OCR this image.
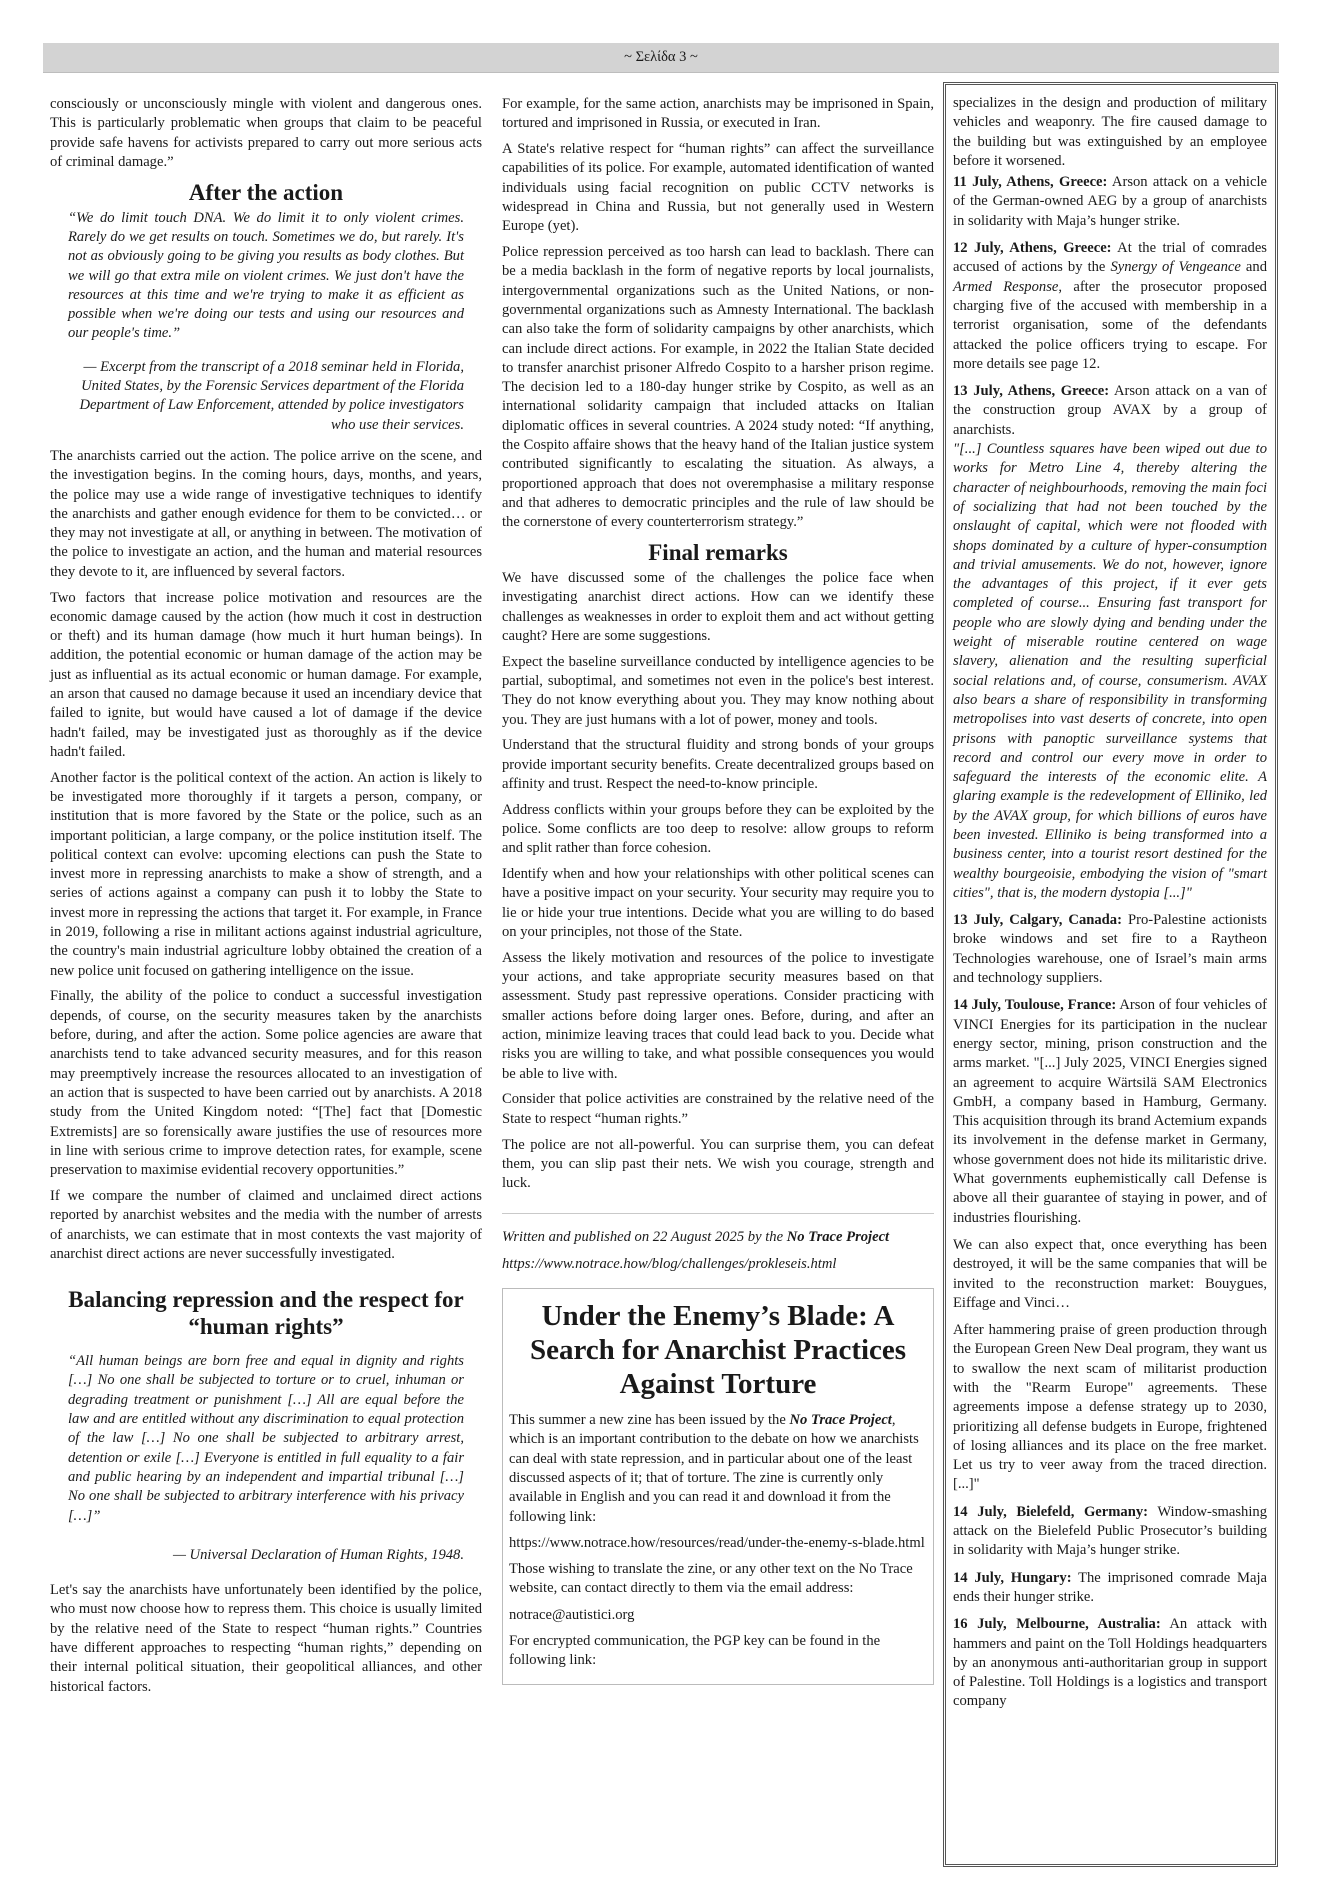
~ Σελίδα 3 ~

consciously or unconsciously mingle with violent and dangerous ones. This is particularly problematic when groups that claim to be peaceful provide safe havens for activists prepared to carry out more serious acts of criminal damage.”

After the action

“We do limit touch DNA. We do limit it to only violent crimes. Rarely do we get results on touch. Sometimes we do, but rarely. It's not as obviously going to be giving you results as body clothes. But we will go that extra mile on violent crimes. We just don't have the resources at this time and we're trying to make it as efficient as possible when we're doing our tests and using our resources and our people's time.”

— Excerpt from the transcript of a 2018 seminar held in Florida, United States, by the Forensic Services department of the Florida Department of Law Enforcement, attended by police investigators who use their services.

The anarchists carried out the action. The police arrive on the scene, and the investigation begins. In the coming hours, days, months, and years, the police may use a wide range of investigative techniques to identify the anarchists and gather enough evidence for them to be convicted… or they may not investigate at all, or anything in between. The motivation of the police to investigate an action, and the human and material resources they devote to it, are influenced by several factors.

Two factors that increase police motivation and resources are the economic damage caused by the action (how much it cost in destruction or theft) and its human damage (how much it hurt human beings). In addition, the potential economic or human damage of the action may be just as influential as its actual economic or human damage. For example, an arson that caused no damage because it used an incendiary device that failed to ignite, but would have caused a lot of damage if the device hadn't failed, may be investigated just as thoroughly as if the device hadn't failed.

Another factor is the political context of the action. An action is likely to be investigated more thoroughly if it targets a person, company, or institution that is more favored by the State or the police, such as an important politician, a large company, or the police institution itself. The political context can evolve: upcoming elections can push the State to invest more in repressing anarchists to make a show of strength, and a series of actions against a company can push it to lobby the State to invest more in repressing the actions that target it. For example, in France in 2019, following a rise in militant actions against industrial agriculture, the country's main industrial agriculture lobby obtained the creation of a new police unit focused on gathering intelligence on the issue.

Finally, the ability of the police to conduct a successful investigation depends, of course, on the security measures taken by the anarchists before, during, and after the action. Some police agencies are aware that anarchists tend to take advanced security measures, and for this reason may preemptively increase the resources allocated to an investigation of an action that is suspected to have been carried out by anarchists. A 2018 study from the United Kingdom noted: “[The] fact that [Domestic Extremists] are so forensically aware justifies the use of resources more in line with serious crime to improve detection rates, for example, scene preservation to maximise evidential recovery opportunities.”

If we compare the number of claimed and unclaimed direct actions reported by anarchist websites and the media with the number of arrests of anarchists, we can estimate that in most contexts the vast majority of anarchist direct actions are never successfully investigated.

Balancing repression and the respect for “human rights”

“All human beings are born free and equal in dignity and rights […] No one shall be subjected to torture or to cruel, inhuman or degrading treatment or punishment […] All are equal before the law and are entitled without any discrimination to equal protection of the law […] No one shall be subjected to arbitrary arrest, detention or exile […] Everyone is entitled in full equality to a fair and public hearing by an independent and impartial tribunal […] No one shall be subjected to arbitrary interference with his privacy […]”

— Universal Declaration of Human Rights, 1948.

Let's say the anarchists have unfortunately been identified by the police, who must now choose how to repress them. This choice is usually limited by the relative need of the State to respect “human rights.” Countries have different approaches to respecting “human rights,” depending on their internal political situation, their geopolitical alliances, and other historical factors.

For example, for the same action, anarchists may be imprisoned in Spain, tortured and imprisoned in Russia, or executed in Iran.

A State's relative respect for “human rights” can affect the surveillance capabilities of its police. For example, automated identification of wanted individuals using facial recognition on public CCTV networks is widespread in China and Russia, but not generally used in Western Europe (yet).

Police repression perceived as too harsh can lead to backlash. There can be a media backlash in the form of negative reports by local journalists, intergovernmental organizations such as the United Nations, or non-governmental organizations such as Amnesty International. The backlash can also take the form of solidarity campaigns by other anarchists, which can include direct actions. For example, in 2022 the Italian State decided to transfer anarchist prisoner Alfredo Cospito to a harsher prison regime. The decision led to a 180-day hunger strike by Cospito, as well as an international solidarity campaign that included attacks on Italian diplomatic offices in several countries. A 2024 study noted: “If anything, the Cospito affaire shows that the heavy hand of the Italian justice system contributed significantly to escalating the situation. As always, a proportioned approach that does not overemphasise a military response and that adheres to democratic principles and the rule of law should be the cornerstone of every counterterrorism strategy.”

Final remarks

We have discussed some of the challenges the police face when investigating anarchist direct actions. How can we identify these challenges as weaknesses in order to exploit them and act without getting caught? Here are some suggestions.

Expect the baseline surveillance conducted by intelligence agencies to be partial, suboptimal, and sometimes not even in the police's best interest. They do not know everything about you. They may know nothing about you. They are just humans with a lot of power, money and tools.

Understand that the structural fluidity and strong bonds of your groups provide important security benefits. Create decentralized groups based on affinity and trust. Respect the need-to-know principle.

Address conflicts within your groups before they can be exploited by the police. Some conflicts are too deep to resolve: allow groups to reform and split rather than force cohesion.

Identify when and how your relationships with other political scenes can have a positive impact on your security. Your security may require you to lie or hide your true intentions. Decide what you are willing to do based on your principles, not those of the State.

Assess the likely motivation and resources of the police to investigate your actions, and take appropriate security measures based on that assessment. Study past repressive operations. Consider practicing with smaller actions before doing larger ones. Before, during, and after an action, minimize leaving traces that could lead back to you. Decide what risks you are willing to take, and what possible consequences you would be able to live with.

Consider that police activities are constrained by the relative need of the State to respect “human rights.”

The police are not all-powerful. You can surprise them, you can defeat them, you can slip past their nets. We wish you courage, strength and luck.

Written and published on 22 August 2025 by the No Trace Project

https://www.notrace.how/blog/challenges/prokleseis.html

Under the Enemy’s Blade: A Search for Anarchist Practices Against Torture

This summer a new zine has been issued by the No Trace Project, which is an important contribution to the debate on how we anarchists can deal with state repression, and in particular about one of the least discussed aspects of it; that of torture. The zine is currently only available in English and you can read it and download it from the following link:

https://www.notrace.how/resources/read/under-the-enemy-s-blade.html

Those wishing to translate the zine, or any other text on the No Trace website, can contact directly to them via the email address:

notrace@autistici.org

For encrypted communication, the PGP key can be found in the following link:

specializes in the design and production of military vehicles and weaponry. The fire caused damage to the building but was extinguished by an employee before it worsened.

11 July, Athens, Greece: Arson attack on a vehicle of the German-owned AEG by a group of anarchists in solidarity with Maja’s hunger strike.

12 July, Athens, Greece: At the trial of comrades accused of actions by the Synergy of Vengeance and Armed Response, after the prosecutor proposed charging five of the accused with membership in a terrorist organisation, some of the defendants attacked the police officers trying to escape. For more details see page 12.

13 July, Athens, Greece: Arson attack on a van of the construction group AVAX by a group of anarchists.

"[...] Countless squares have been wiped out due to works for Metro Line 4, thereby altering the character of neighbourhoods, removing the main foci of socializing that had not been touched by the onslaught of capital, which were not flooded with shops dominated by a culture of hyper-consumption and trivial amusements. We do not, however, ignore the advantages of this project, if it ever gets completed of course... Ensuring fast transport for people who are slowly dying and bending under the weight of miserable routine centered on wage slavery, alienation and the resulting superficial social relations and, of course, consumerism. AVAX also bears a share of responsibility in transforming metropolises into vast deserts of concrete, into open prisons with panoptic surveillance systems that record and control our every move in order to safeguard the interests of the economic elite. A glaring example is the redevelopment of Elliniko, led by the AVAX group, for which billions of euros have been invested. Elliniko is being transformed into a business center, into a tourist resort destined for the wealthy bourgeoisie, embodying the vision of "smart cities", that is, the modern dystopia [...]"

13 July, Calgary, Canada: Pro-Palestine actionists broke windows and set fire to a Raytheon Technologies warehouse, one of Israel’s main arms and technology suppliers.

14 July, Toulouse, France: Arson of four vehicles of VINCI Energies for its participation in the nuclear energy sector, mining, prison construction and the arms market. "[...] July 2025, VINCI Energies signed an agreement to acquire Wärtsilä SAM Electronics GmbH, a company based in Hamburg, Germany. This acquisition through its brand Actemium expands its involvement in the defense market in Germany, whose government does not hide its militaristic drive. What governments euphemistically call Defense is above all their guarantee of staying in power, and of industries flourishing.

We can also expect that, once everything has been destroyed, it will be the same companies that will be invited to the reconstruction market: Bouygues, Eiffage and Vinci…

After hammering praise of green production through the European Green New Deal program, they want us to swallow the next scam of militarist production with the "Rearm Europe" agreements. These agreements impose a defense strategy up to 2030, prioritizing all defense budgets in Europe, frightened of losing alliances and its place on the free market. Let us try to veer away from the traced direction. [...]"

14 July, Bielefeld, Germany: Window-smashing attack on the Bielefeld Public Prosecutor’s building in solidarity with Maja’s hunger strike.

14 July, Hungary: The imprisoned comrade Maja ends their hunger strike.

16 July, Melbourne, Australia: An attack with hammers and paint on the Toll Holdings headquarters by an anonymous anti-authoritarian group in support of Palestine. Toll Holdings is a logistics and transport company
